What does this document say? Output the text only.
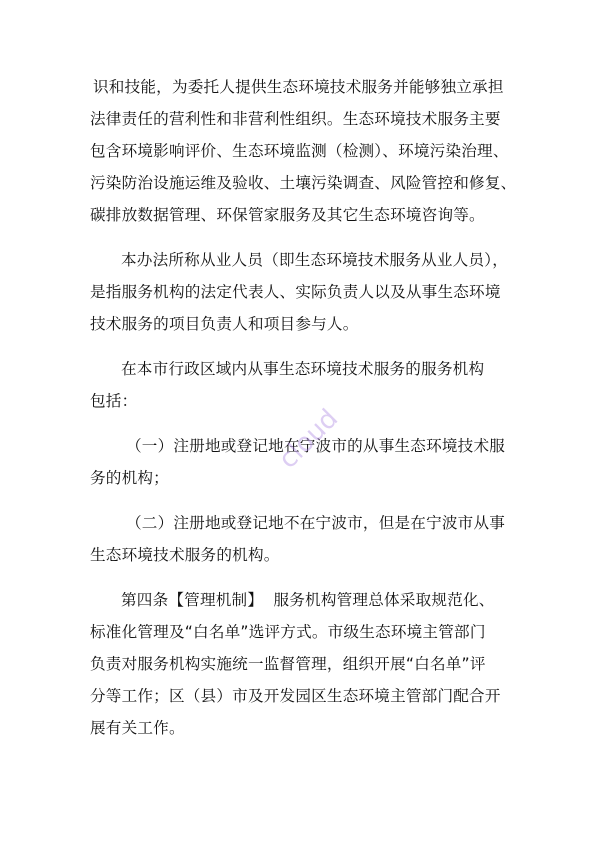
识和技能，为委托人提供生态环境技术服务并能够独立承担
法律责任的营利性和非营利性组织。生态环境技术服务主要
包含环境影响评价、生态环境监测（检测）、环境污染治理、
污染防治设施运维及验收、土壤污染调查、风险管控和修复、
碳排放数据管理、环保管家服务及其它生态环境咨询等。
本办法所称从业人员（即生态环境技术服务从业人员），
是指服务机构的法定代表人、实际负责人以及从事生态环境
技术服务的项目负责人和项目参与人。
在本市行政区域内从事生态环境技术服务的服务机构
包括：
（一）注册地或登记地在宁波市的从事生态环境技术服
务的机构；
（二）注册地或登记地不在宁波市，但是在宁波市从事
生态环境技术服务的机构。
第四条【管理机制】  服务机构管理总体采取规范化、
标准化管理及“白名单”选评方式。市级生态环境主管部门
负责对服务机构实施统一监督管理，组织开展“白名单”评
分等工作；区（县）市及开发园区生态环境主管部门配合开
展有关工作。
cloud
